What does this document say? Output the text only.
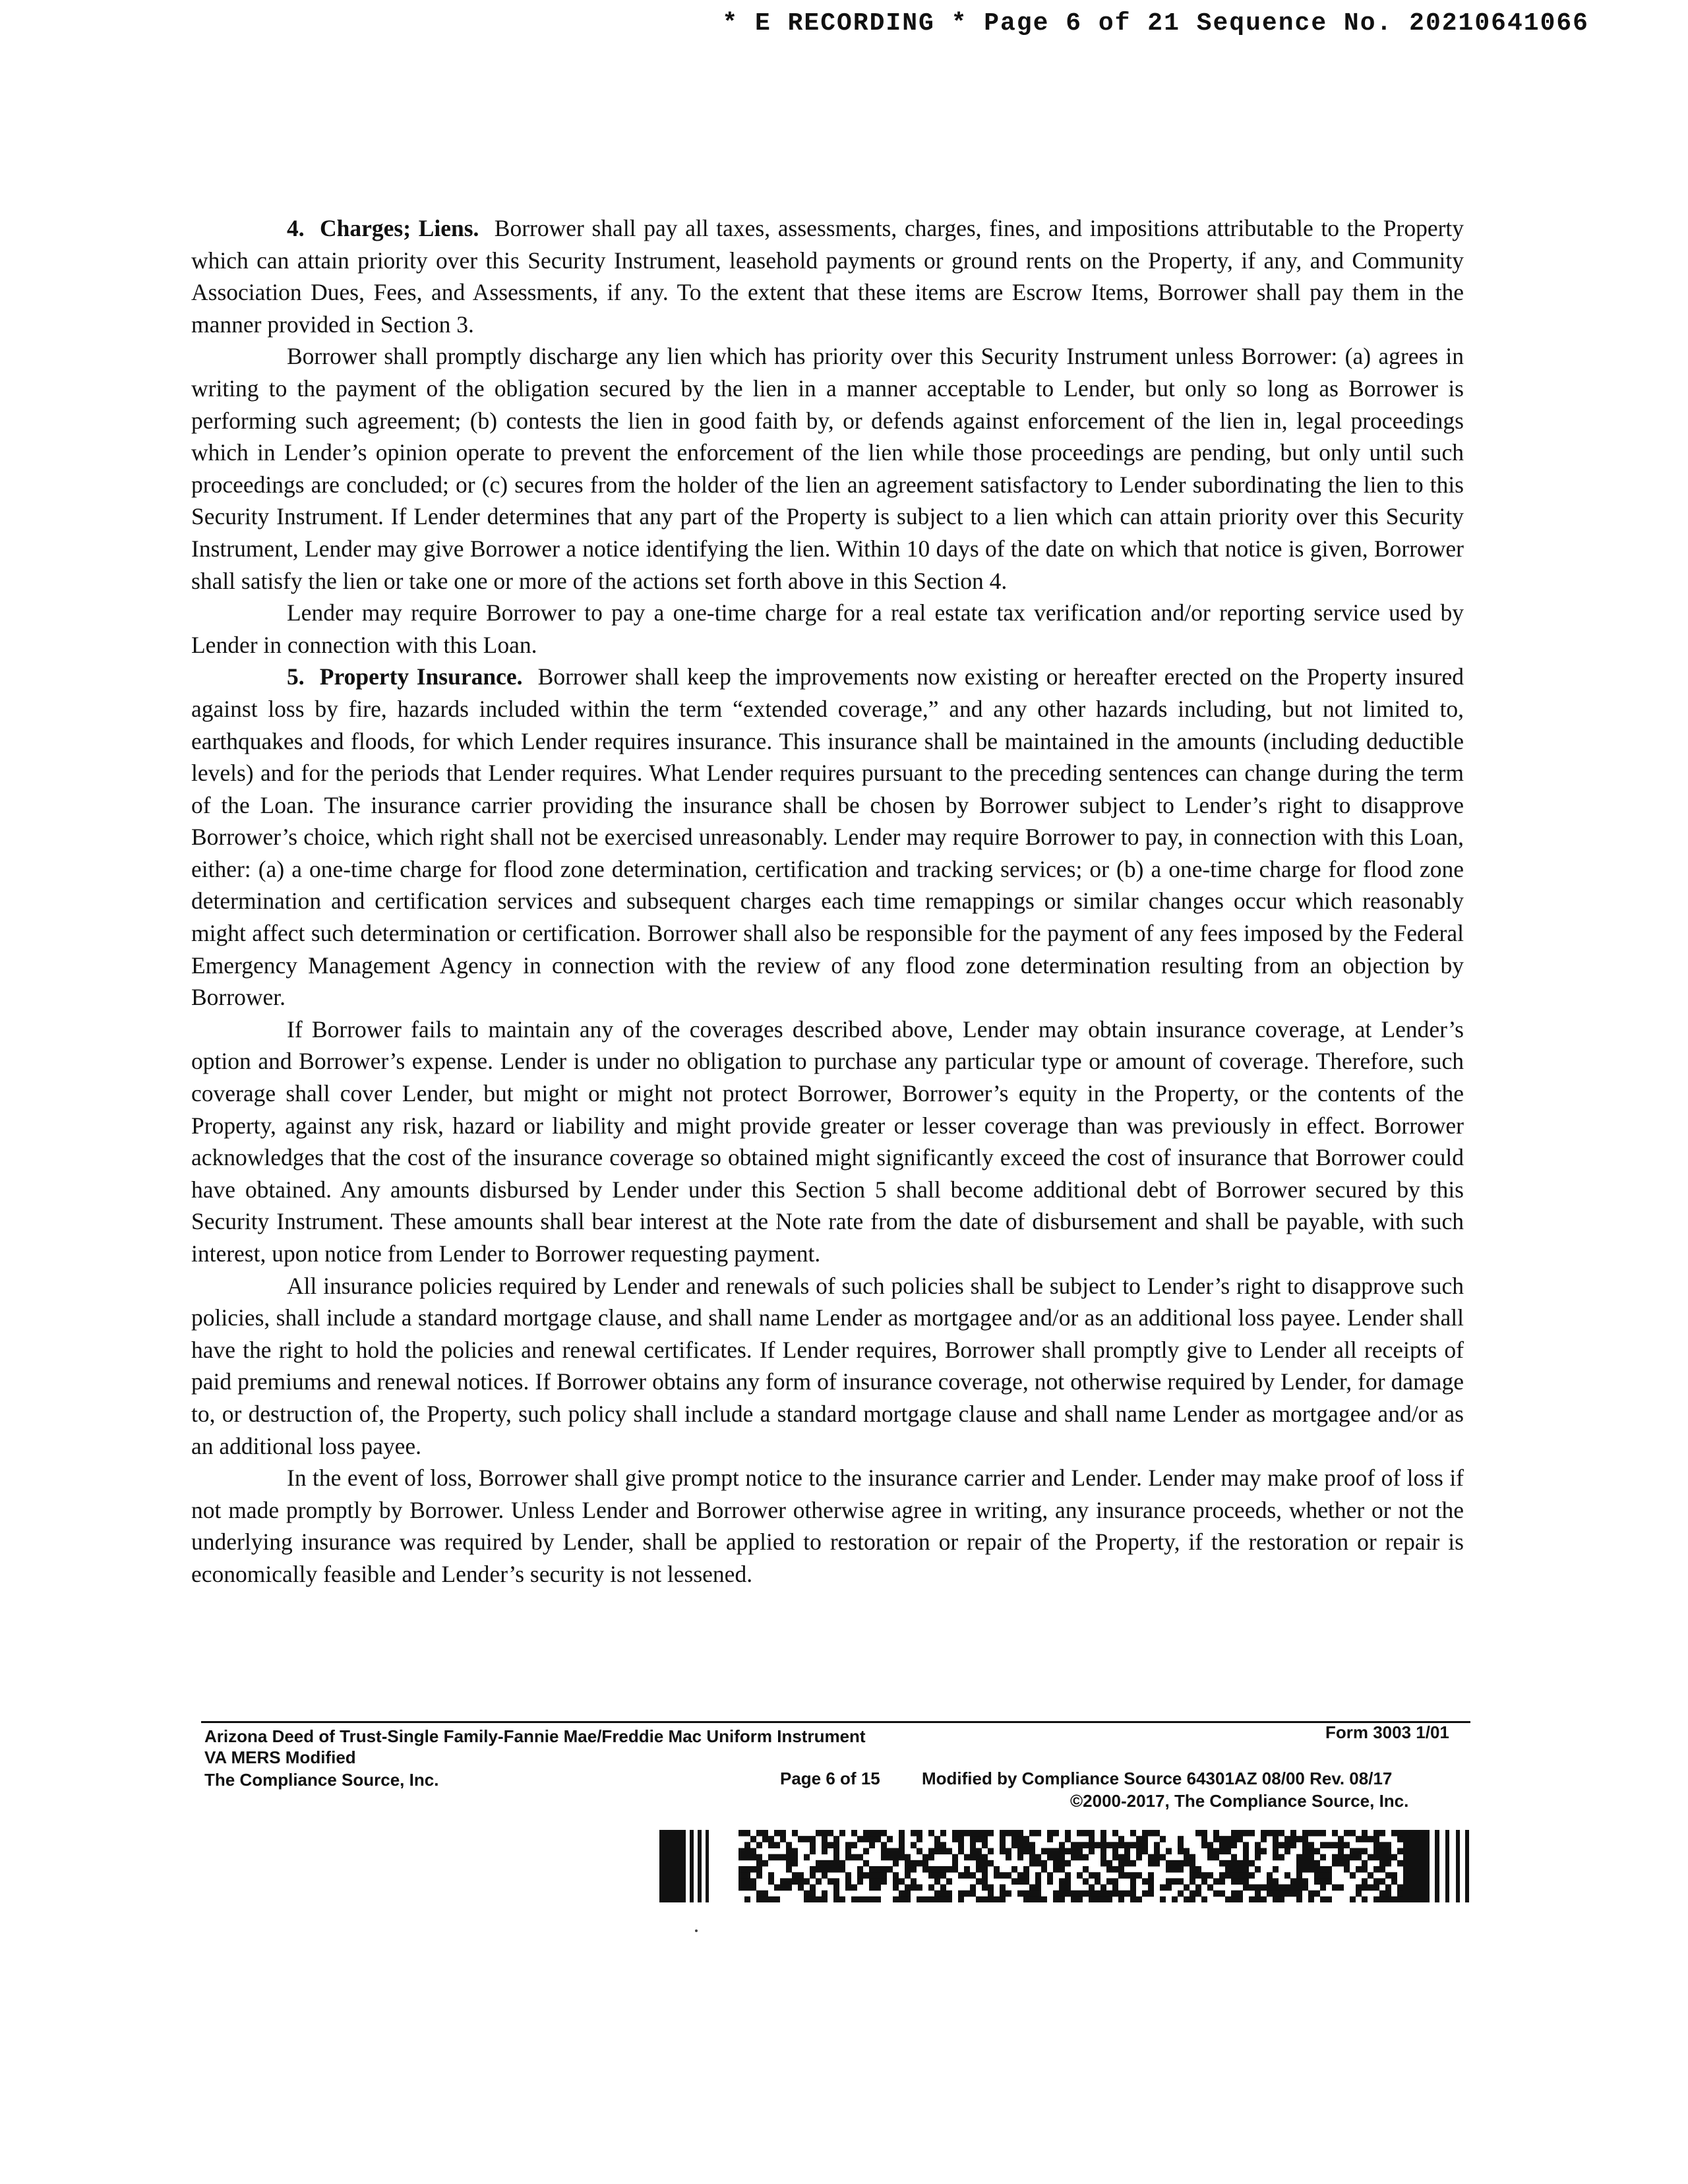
* E RECORDING * Page 6 of 21 Sequence No. 20210641066

4. Charges; Liens. Borrower shall pay all taxes, assessments, charges, fines, and impositions attributable to the Property which can attain priority over this Security Instrument, leasehold payments or ground rents on the Property, if any, and Community Association Dues, Fees, and Assessments, if any. To the extent that these items are Escrow Items, Borrower shall pay them in the manner provided in Section 3.

Borrower shall promptly discharge any lien which has priority over this Security Instrument unless Borrower: (a) agrees in writing to the payment of the obligation secured by the lien in a manner acceptable to Lender, but only so long as Borrower is performing such agreement; (b) contests the lien in good faith by, or defends against enforcement of the lien in, legal proceedings which in Lender’s opinion operate to prevent the enforcement of the lien while those proceedings are pending, but only until such proceedings are concluded; or (c) secures from the holder of the lien an agreement satisfactory to Lender subordinating the lien to this Security Instrument. If Lender determines that any part of the Property is subject to a lien which can attain priority over this Security Instrument, Lender may give Borrower a notice identifying the lien. Within 10 days of the date on which that notice is given, Borrower shall satisfy the lien or take one or more of the actions set forth above in this Section 4.

Lender may require Borrower to pay a one-time charge for a real estate tax verification and/or reporting service used by Lender in connection with this Loan.

5. Property Insurance. Borrower shall keep the improvements now existing or hereafter erected on the Property insured against loss by fire, hazards included within the term “extended coverage,” and any other hazards including, but not limited to, earthquakes and floods, for which Lender requires insurance. This insurance shall be maintained in the amounts (including deductible levels) and for the periods that Lender requires. What Lender requires pursuant to the preceding sentences can change during the term of the Loan. The insurance carrier providing the insurance shall be chosen by Borrower subject to Lender’s right to disapprove Borrower’s choice, which right shall not be exercised unreasonably. Lender may require Borrower to pay, in connection with this Loan, either: (a) a one-time charge for flood zone determination, certification and tracking services; or (b) a one-time charge for flood zone determination and certification services and subsequent charges each time remappings or similar changes occur which reasonably might affect such determination or certification. Borrower shall also be responsible for the payment of any fees imposed by the Federal Emergency Management Agency in connection with the review of any flood zone determination resulting from an objection by Borrower.

If Borrower fails to maintain any of the coverages described above, Lender may obtain insurance coverage, at Lender’s option and Borrower’s expense. Lender is under no obligation to purchase any particular type or amount of coverage. Therefore, such coverage shall cover Lender, but might or might not protect Borrower, Borrower’s equity in the Property, or the contents of the Property, against any risk, hazard or liability and might provide greater or lesser coverage than was previously in effect. Borrower acknowledges that the cost of the insurance coverage so obtained might significantly exceed the cost of insurance that Borrower could have obtained. Any amounts disbursed by Lender under this Section 5 shall become additional debt of Borrower secured by this Security Instrument. These amounts shall bear interest at the Note rate from the date of disbursement and shall be payable, with such interest, upon notice from Lender to Borrower requesting payment.

All insurance policies required by Lender and renewals of such policies shall be subject to Lender’s right to disapprove such policies, shall include a standard mortgage clause, and shall name Lender as mortgagee and/or as an additional loss payee. Lender shall have the right to hold the policies and renewal certificates. If Lender requires, Borrower shall promptly give to Lender all receipts of paid premiums and renewal notices. If Borrower obtains any form of insurance coverage, not otherwise required by Lender, for damage to, or destruction of, the Property, such policy shall include a standard mortgage clause and shall name Lender as mortgagee and/or as an additional loss payee.

In the event of loss, Borrower shall give prompt notice to the insurance carrier and Lender. Lender may make proof of loss if not made promptly by Borrower. Unless Lender and Borrower otherwise agree in writing, any insurance proceeds, whether or not the underlying insurance was required by Lender, shall be applied to restoration or repair of the Property, if the restoration or repair is economically feasible and Lender’s security is not lessened.

Arizona Deed of Trust-Single Family-Fannie Mae/Freddie Mac Uniform Instrument	Form 3003 1/01
VA MERS Modified
The Compliance Source, Inc.	Page 6 of 15 Modified by Compliance Source 64301AZ 08/00 Rev. 08/17
©2000-2017, The Compliance Source, Inc.
